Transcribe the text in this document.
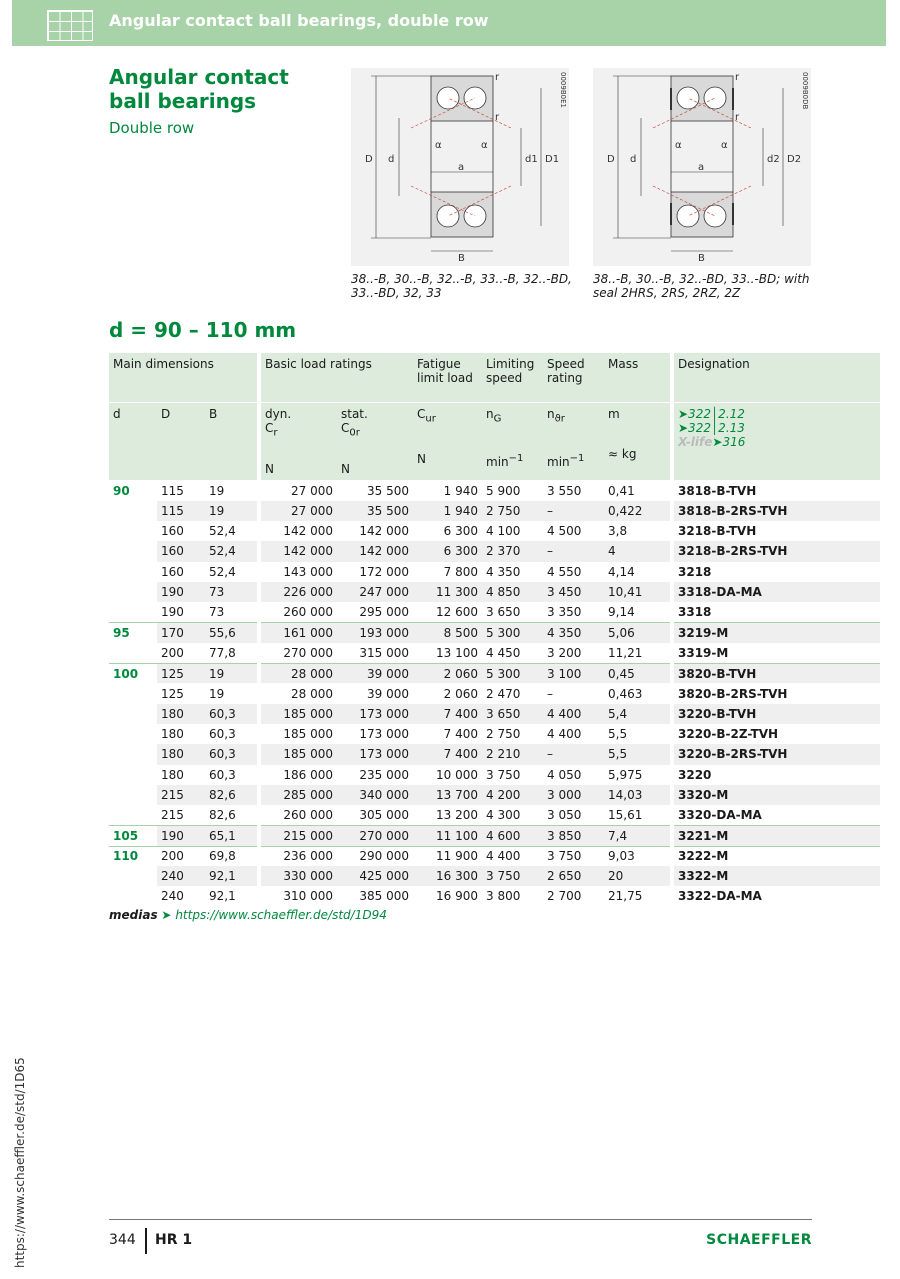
Angular contact ball bearings, double row
Angular contact ball bearings
Double row
D d	d1 D1
a
B
r
r
α	α
0009B0E1
38..-B, 30..-B, 32..-B, 33..-B, 32..-BD, 33..-BD, 32, 33
D d	d2 D2
a
B
r
r
α	α
0009B0DB
38..-B, 30..-B, 32..-BD, 33..-BD; with seal 2HRS, 2RS, 2RZ, 2Z
d = 90 – 110 mm
Main dimensions				Basic load ratings		Fatigue limit load	Limiting speed	Speed rating	Mass		Designation
d	D	B		dyn.
$C_r$
N	stat.
$C_{0r}$
N	$C_{ur}$

N	$n_G$

$\min^{-1}$	$n_{ϑr}$

$\min^{-1}$	m

≈ kg		➤322│2.12
➤322│2.13
X-life➤316
90	115	19		27 000	35 500	1 940	5 900	3 550	0,41		3818-B-TVH
	115	19		27 000	35 500	1 940	2 750	–	0,422		3818-B-2RS-TVH
	160	52,4		142 000	142 000	6 300	4 100	4 500	3,8		3218-B-TVH
	160	52,4		142 000	142 000	6 300	2 370	–	4		3218-B-2RS-TVH
	160	52,4		143 000	172 000	7 800	4 350	4 550	4,14		3218
	190	73		226 000	247 000	11 300	4 850	3 450	10,41		3318-DA-MA
	190	73		260 000	295 000	12 600	3 650	3 350	9,14		3318
95	170	55,6		161 000	193 000	8 500	5 300	4 350	5,06		3219-M
	200	77,8		270 000	315 000	13 100	4 450	3 200	11,21		3319-M
100	125	19		28 000	39 000	2 060	5 300	3 100	0,45		3820-B-TVH
	125	19		28 000	39 000	2 060	2 470	–	0,463		3820-B-2RS-TVH
	180	60,3		185 000	173 000	7 400	3 650	4 400	5,4		3220-B-TVH
	180	60,3		185 000	173 000	7 400	2 750	4 400	5,5		3220-B-2Z-TVH
	180	60,3		185 000	173 000	7 400	2 210	–	5,5		3220-B-2RS-TVH
	180	60,3		186 000	235 000	10 000	3 750	4 050	5,975		3220
	215	82,6		285 000	340 000	13 700	4 200	3 000	14,03		3320-M
	215	82,6		260 000	305 000	13 200	4 300	3 050	15,61		3320-DA-MA
105	190	65,1		215 000	270 000	11 100	4 600	3 850	7,4		3221-M
110	200	69,8		236 000	290 000	11 900	4 400	3 750	9,03		3222-M
	240	92,1		330 000	425 000	16 300	3 750	2 650	20		3322-M
	240	92,1		310 000	385 000	16 900	3 800	2 700	21,75		3322-DA-MA
medias ➤ https://www.schaeffler.de/std/1D94
https://www.schaeffler.de/std/1D65	344 HR 1	SCHAEFFLER
